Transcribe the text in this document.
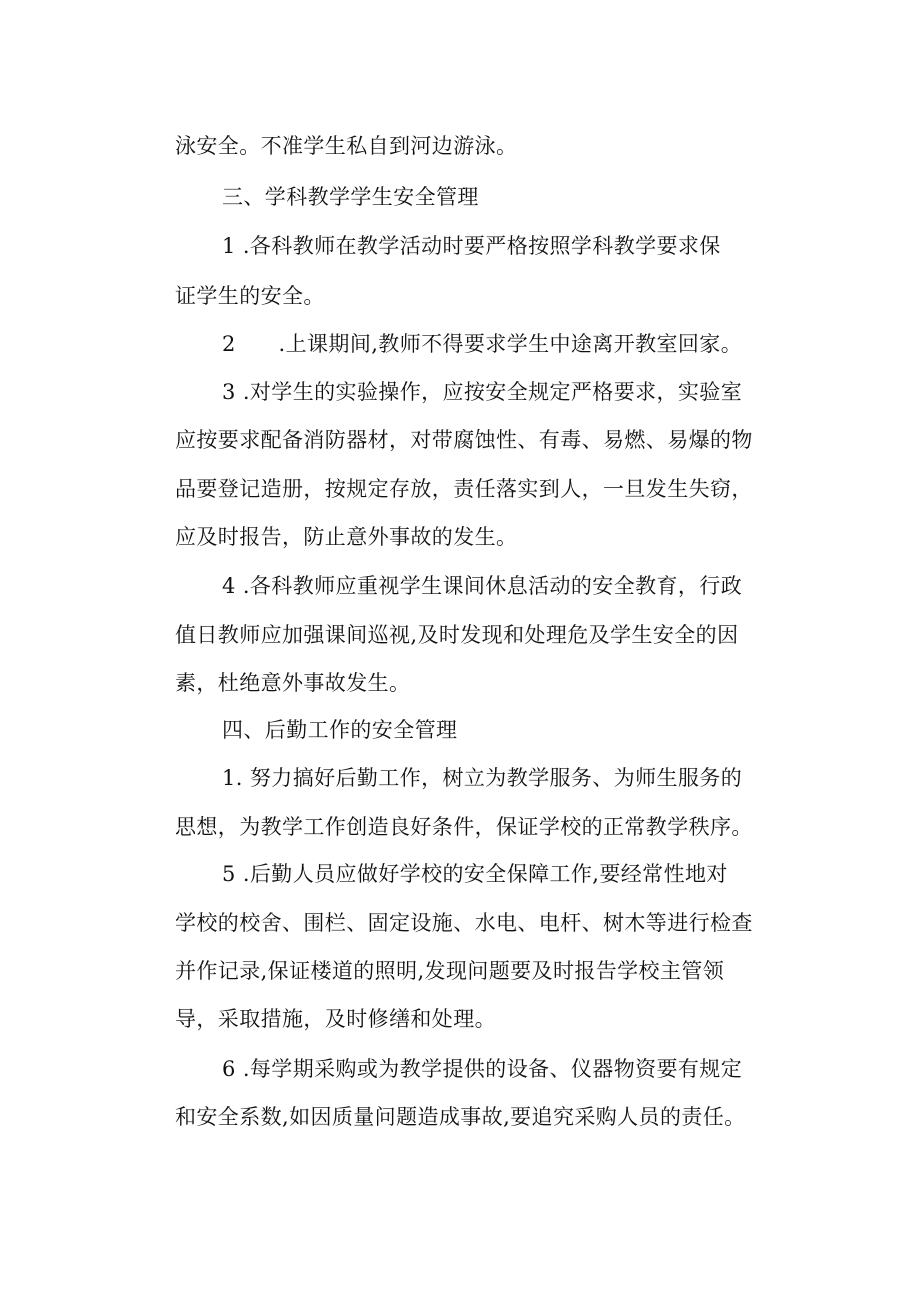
泳安全。不准学生私自到河边游泳。
三、学科教学学生安全管理
1 .各科教师在教学活动时要严格按照学科教学要求保
证学生的安全。
2　　.上课期间,教师不得要求学生中途离开教室回家。
3 .对学生的实验操作，应按安全规定严格要求，实验室
应按要求配备消防器材，对带腐蚀性、有毒、易燃、易爆的物
品要登记造册，按规定存放，责任落实到人，一旦发生失窃，
应及时报告，防止意外事故的发生。
4 .各科教师应重视学生课间休息活动的安全教育，行政
值日教师应加强课间巡视,及时发现和处理危及学生安全的因
素，杜绝意外事故发生。
四、后勤工作的安全管理
1. 努力搞好后勤工作，树立为教学服务、为师生服务的
思想，为教学工作创造良好条件，保证学校的正常教学秩序。
5 .后勤人员应做好学校的安全保障工作,要经常性地对
学校的校舍、围栏、固定设施、水电、电杆、树木等进行检查
并作记录,保证楼道的照明,发现问题要及时报告学校主管领
导，采取措施，及时修缮和处理。
6 .每学期采购或为教学提供的设备、仪器物资要有规定
和安全系数,如因质量问题造成事故,要追究采购人员的责任。
